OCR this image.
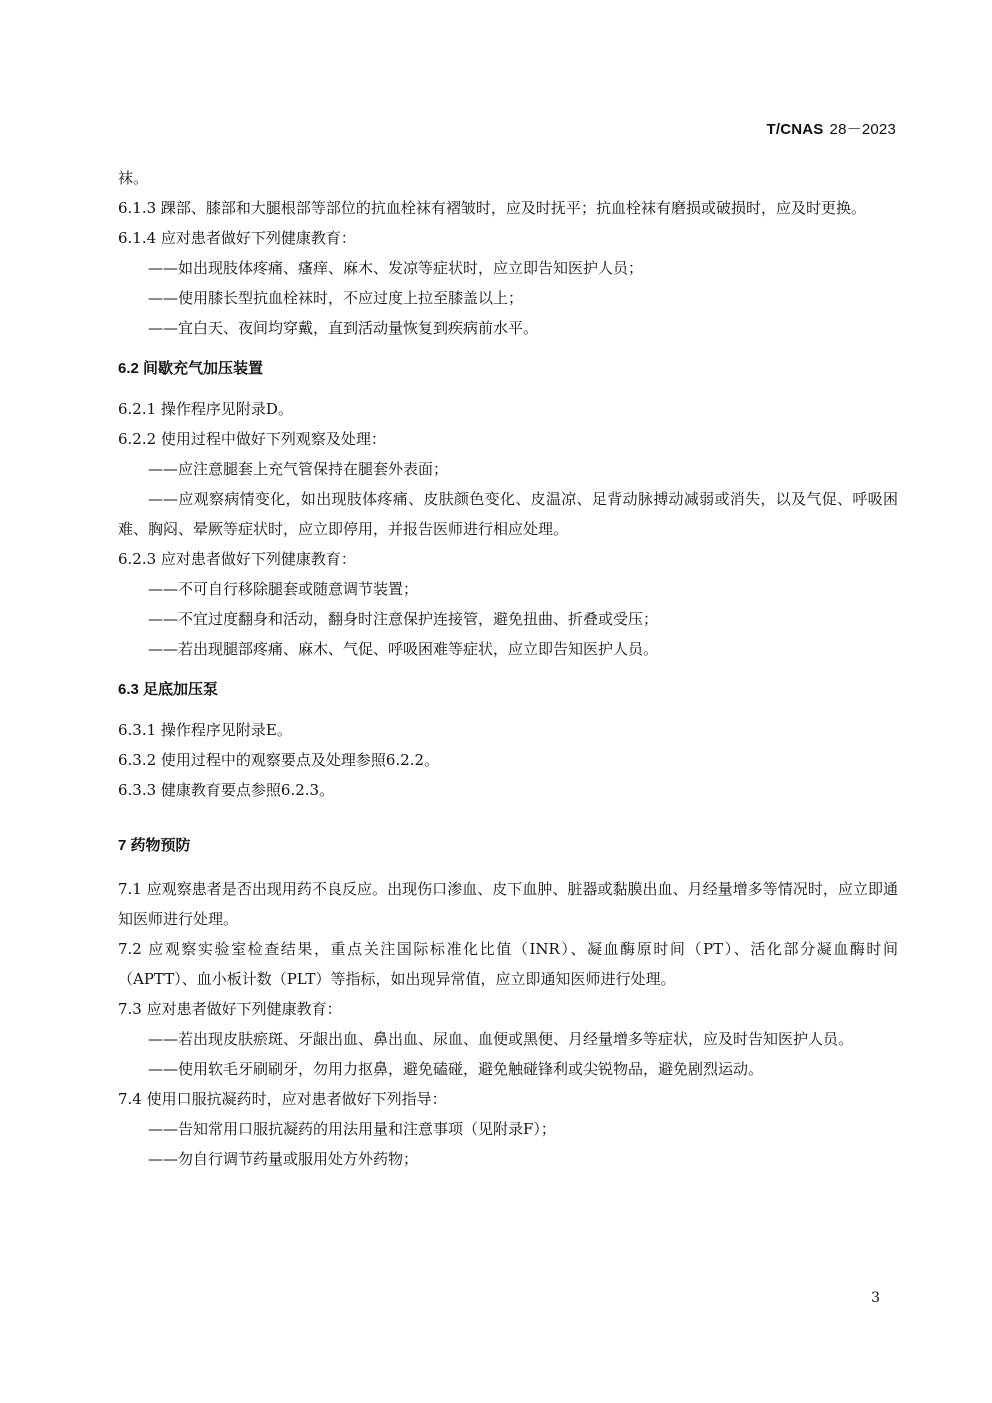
T/CNAS 28－2023

袜。

6.1.3 踝部、膝部和大腿根部等部位的抗血栓袜有褶皱时，应及时抚平；抗血栓袜有磨损或破损时，应及时更换。

6.1.4 应对患者做好下列健康教育：

——如出现肢体疼痛、瘙痒、麻木、发凉等症状时，应立即告知医护人员；

——使用膝长型抗血栓袜时，不应过度上拉至膝盖以上；

——宜白天、夜间均穿戴，直到活动量恢复到疾病前水平。

6.2 间歇充气加压装置

6.2.1 操作程序见附录D。

6.2.2 使用过程中做好下列观察及处理：

——应注意腿套上充气管保持在腿套外表面；

——应观察病情变化，如出现肢体疼痛、皮肤颜色变化、皮温凉、足背动脉搏动减弱或消失，以及气促、呼吸困难、胸闷、晕厥等症状时，应立即停用，并报告医师进行相应处理。

6.2.3 应对患者做好下列健康教育：

——不可自行移除腿套或随意调节装置；

——不宜过度翻身和活动，翻身时注意保护连接管，避免扭曲、折叠或受压；

——若出现腿部疼痛、麻木、气促、呼吸困难等症状，应立即告知医护人员。

6.3 足底加压泵

6.3.1 操作程序见附录E。

6.3.2 使用过程中的观察要点及处理参照6.2.2。

6.3.3 健康教育要点参照6.2.3。

7 药物预防

7.1 应观察患者是否出现用药不良反应。出现伤口渗血、皮下血肿、脏器或黏膜出血、月经量增多等情况时，应立即通知医师进行处理。

7.2 应观察实验室检查结果，重点关注国际标准化比值（INR）、凝血酶原时间（PT）、活化部分凝血酶时间（APTT）、血小板计数（PLT）等指标，如出现异常值，应立即通知医师进行处理。

7.3 应对患者做好下列健康教育：

——若出现皮肤瘀斑、牙龈出血、鼻出血、尿血、血便或黑便、月经量增多等症状，应及时告知医护人员。

——使用软毛牙刷刷牙，勿用力抠鼻，避免磕碰，避免触碰锋利或尖锐物品，避免剧烈运动。

7.4 使用口服抗凝药时，应对患者做好下列指导：

——告知常用口服抗凝药的用法用量和注意事项（见附录F）；

——勿自行调节药量或服用处方外药物；

3
